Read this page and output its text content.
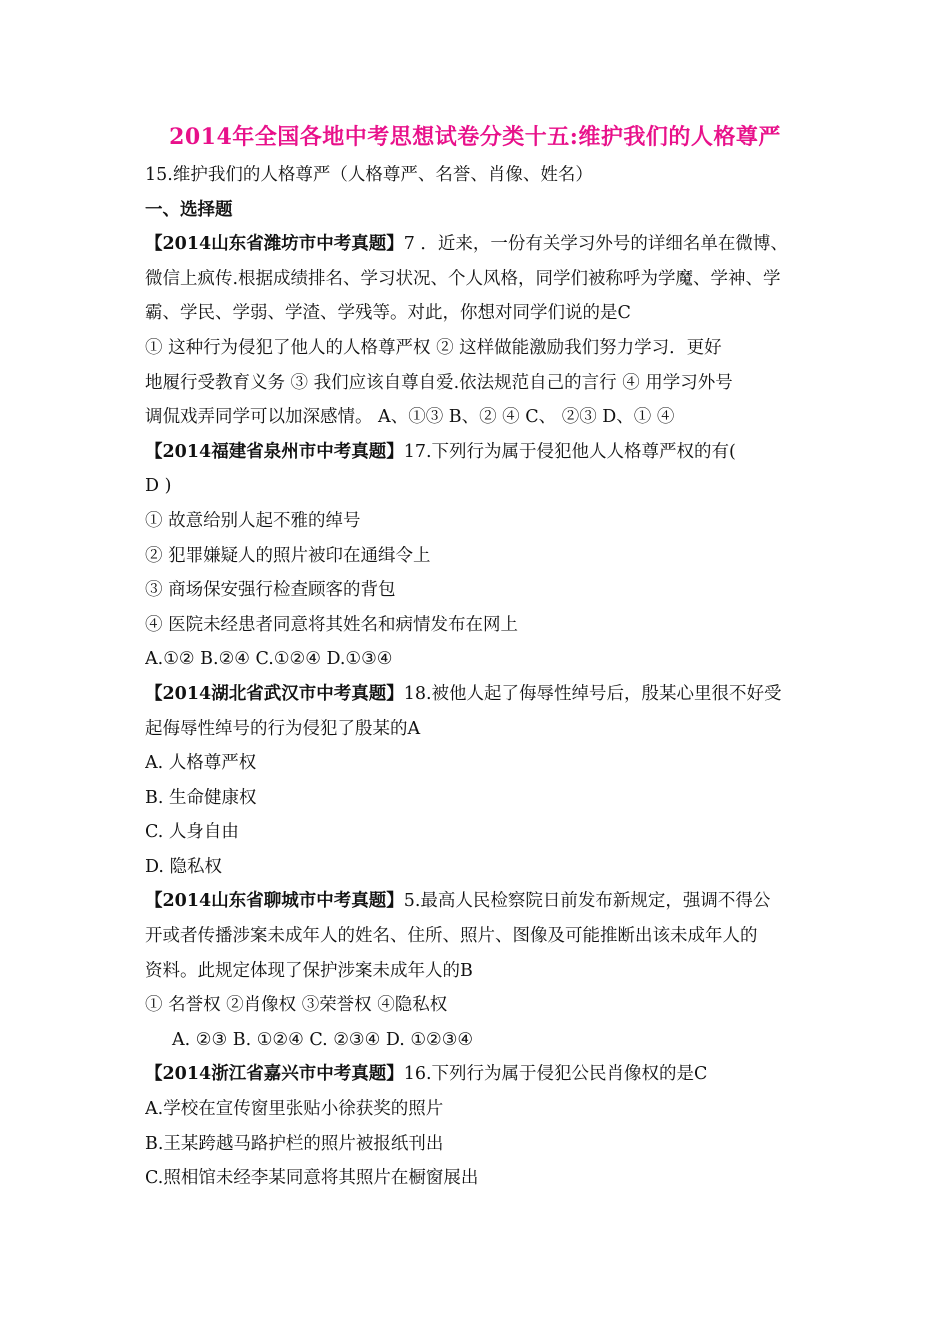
2014年全国各地中考思想试卷分类十五:维护我们的人格尊严
15.维护我们的人格尊严（人格尊严、名誉、肖像、姓名）
一、选择题
【2014山东省潍坊市中考真题】7 ．近来，一份有关学习外号的详细名单在微博、
微信上疯传.根据成绩排名、学习状况、个人风格，同学们被称呼为学魔、学神、学
霸、学民、学弱、学渣、学残等。对此，你想对同学们说的是C
① 这种行为侵犯了他人的人格尊严权 ② 这样做能激励我们努力学习．更好
地履行受教育义务 ③ 我们应该自尊自爱.依法规范自己的言行 ④ 用学习外号
调侃戏弄同学可以加深感情。 A、①③ B、② ④ C、 ②③ D、① ④
【2014福建省泉州市中考真题】17.下列行为属于侵犯他人人格尊严权的有(
D )
① 故意给别人起不雅的绰号
② 犯罪嫌疑人的照片被印在通缉令上
③ 商场保安强行检查顾客的背包
④ 医院未经患者同意将其姓名和病情发布在网上
A.①② B.②④ C.①②④ D.①③④
【2014湖北省武汉市中考真题】18.被他人起了侮辱性绰号后，殷某心里很不好受
起侮辱性绰号的行为侵犯了殷某的A
A. 人格尊严权
B. 生命健康权
C. 人身自由
D. 隐私权
【2014山东省聊城市中考真题】5.最高人民检察院日前发布新规定，强调不得公
开或者传播涉案未成年人的姓名、住所、照片、图像及可能推断出该未成年人的
资料。此规定体现了保护涉案未成年人的B
① 名誉权 ②肖像权 ③荣誉权 ④隐私权
A. ②③ B. ①②④ C. ②③④ D. ①②③④
【2014浙江省嘉兴市中考真题】16.下列行为属于侵犯公民肖像权的是C
A.学校在宣传窗里张贴小徐获奖的照片
B.王某跨越马路护栏的照片被报纸刊出
C.照相馆未经李某同意将其照片在橱窗展出
